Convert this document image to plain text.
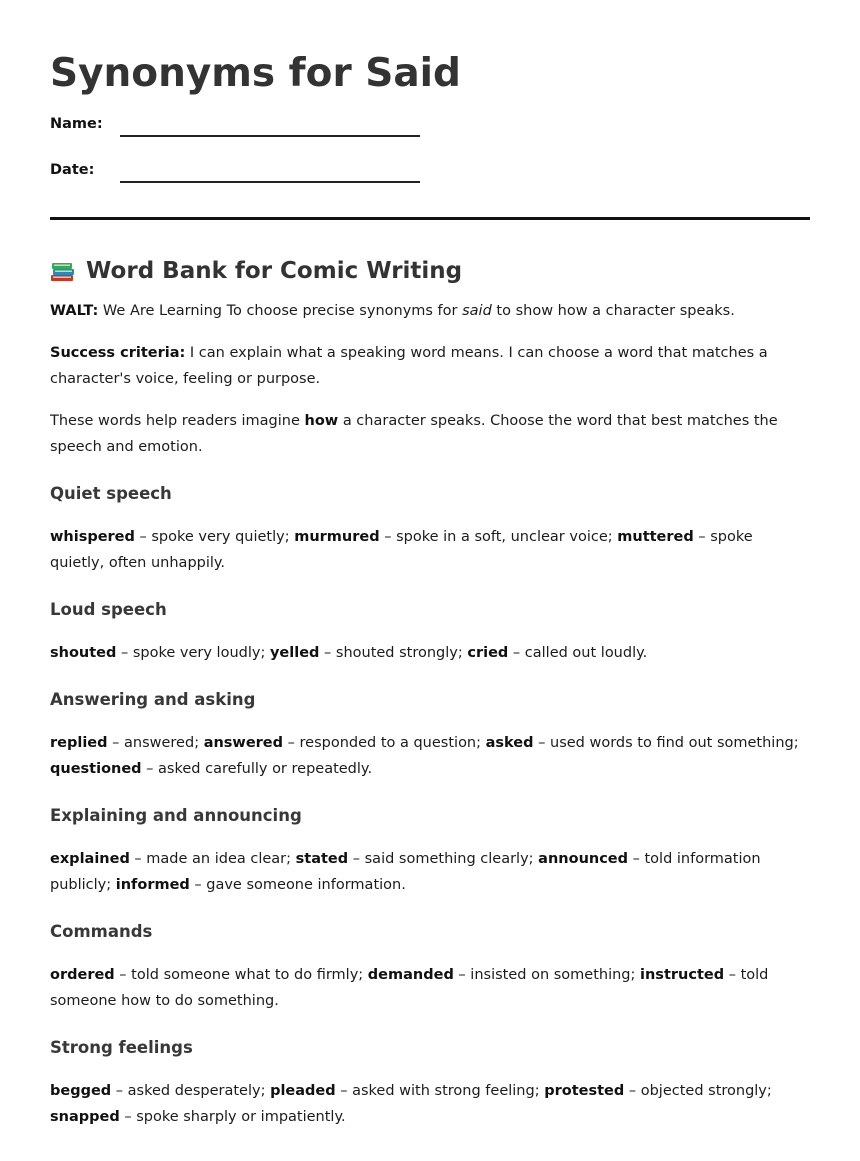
Synonyms for Said
Name:
Date:
Word Bank for Comic Writing

WALT: We Are Learning To choose precise synonyms for said to show how a character speaks.

Success criteria: I can explain what a speaking word means. I can choose a word that matches a character's voice, feeling or purpose.

These words help readers imagine how a character speaks. Choose the word that best matches the speech and emotion.

Quiet speech

whispered – spoke very quietly; murmured – spoke in a soft, unclear voice; muttered – spoke quietly, often unhappily.

Loud speech

shouted – spoke very loudly; yelled – shouted strongly; cried – called out loudly.

Answering and asking

replied – answered; answered – responded to a question; asked – used words to find out something; questioned – asked carefully or repeatedly.

Explaining and announcing

explained – made an idea clear; stated – said something clearly; announced – told information publicly; informed – gave someone information.

Commands

ordered – told someone what to do firmly; demanded – insisted on something; instructed – told someone how to do something.

Strong feelings

begged – asked desperately; pleaded – asked with strong feeling; protested – objected strongly; snapped – spoke sharply or impatiently.
